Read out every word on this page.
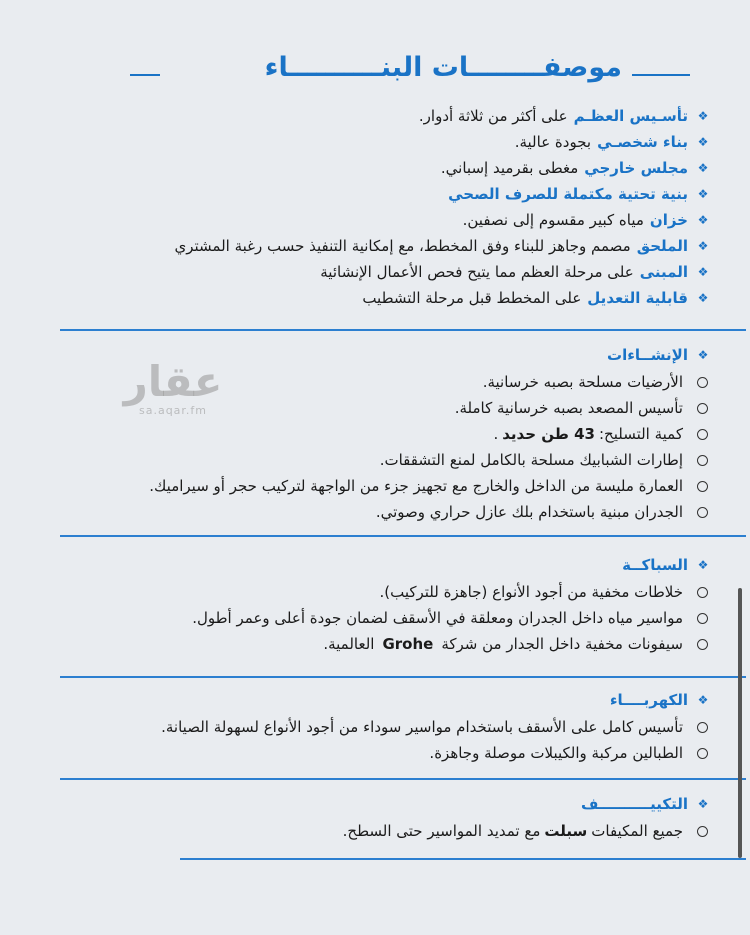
موصفــــــــات البنــــــــــاء
❖
تأسـيس العظـم
على أكثر من ثلاثة أدوار.
❖
بناء شخصـي
بجودة عالية.
❖
مجلس خارجي
مغطى بقرميد إسباني.
❖
بنية تحتية مكتملة للصرف الصحي
❖
خزان
مياه كبير مقسوم إلى نصفين.
❖
الملحق
مصمم وجاهز للبناء وفق المخطط، مع إمكانية التنفيذ حسب رغبة المشتري
❖
المبنى
على مرحلة العظم مما يتيح فحص الأعمال الإنشائية
❖
قابلية التعديل
على المخطط قبل مرحلة التشطيب
عقار
sa.aqar.fm
❖
الإنشــاءات
الأرضيات مسلحة بصبه خرسانية.
تأسيس المصعد بصبه خرسانية كاملة.
كمية التسليح:
43 طن حديد
.
إطارات الشبابيك مسلحة بالكامل لمنع التشققات.
العمارة مليسة من الداخل والخارج مع تجهيز جزء من الواجهة لتركيب حجر أو سيراميك.
الجدران مبنية باستخدام بلك عازل حراري وصوتي.
❖
السباكــة
خلاطات مخفية من أجود الأنواع (جاهزة للتركيب).
مواسير مياه داخل الجدران ومعلقة في الأسقف لضمان جودة أعلى وعمر أطول.
سيفونات مخفية داخل الجدار من شركة
Grohe
العالمية.
❖
الكهربــــاء
تأسيس كامل على الأسقف باستخدام مواسير سوداء من أجود الأنواع لسهولة الصيانة.
الطبالين مركبة والكيبلات موصلة وجاهزة.
❖
التكييــــــــــف
جميع المكيفات
سبلت
مع تمديد المواسير حتى السطح.
